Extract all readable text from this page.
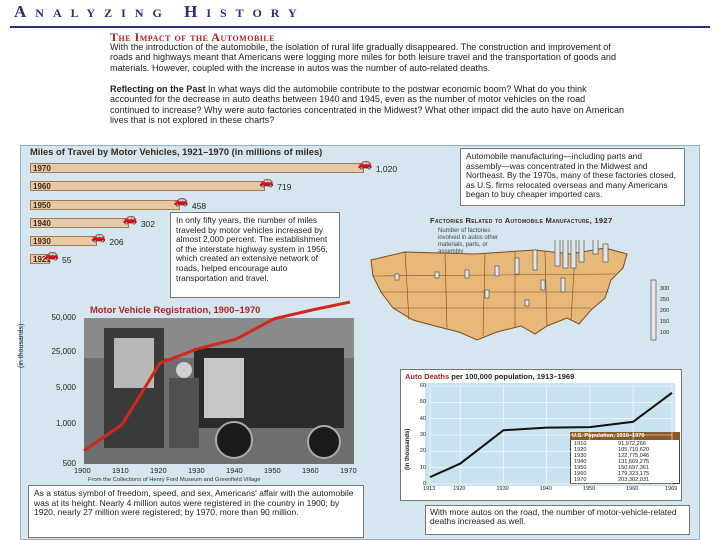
Analyzing History
The Impact of the Automobile
With the introduction of the automobile, the isolation of rural life gradually disappeared. The construction and improvement of roads and highways meant that Americans were logging more miles for both leisure travel and the transportation of goods and materials. However, coupled with the increase in autos was the number of auto-related deaths.
Reflecting on the Past In what ways did the automobile contribute to the postwar economic boom? What do you think accounted for the decrease in auto deaths between 1940 and 1945, even as the number of motor vehicles on the road continued to increase? Why were auto factories concentrated in the Midwest? What other impact did the auto have on American lives that is not explored in these charts?
Miles of Travel by Motor Vehicles, 1921–1970 (in millions of miles)	Automobile manufacturing—including parts and assembly—was concentrated in the Midwest and Northeast. By the 1970s, many of these factories closed, as U.S. firms relocated overseas and many Americans began to buy cheaper imported cars.
In only fifty years, the number of miles traveled by motor vehicles increased by almost 2,000 percent. The establishment of the interstate highway system in 1956, which created an extensive network of roads, helped encourage auto transportation and travel.
Factories Related to Automobile Manufacture, 1927
Number of factories involved in autos other materials, parts, or assembly
300
250
200
150
100
Motor Vehicle Registration, 1900–1970
(in thousands)
From the Collections of Henry Ford Museum and Greenfield Village
As a status symbol of freedom, speed, and sex, Americans' affair with the automobile was at its height. Nearly 4 million autos were registered in the country in 1900; by 1920, nearly 27 million were registered; by 1970, more than 90 million.
Auto Deaths per 100,000 population, 1913–1969
(in thousands)	U.S. Population, 1910–1970
With more autos on the road, the number of motor-vehicle-related deaths increased as well.
1921
🚗 55
1930	🚗 206
1940	🚗 302
1950	🚗 458
1960	🚗 719
1970	🚗 1,020
50,000
25,000
5,000
1,000
500
1900	1910	1920	1930	1940	1950	1960	1970
60
50
40
30
20
10
0
1913	1920	1930	1940	1950	1960	1969
1910	91,972,266
1920	105,710,620
1930	122,775,046
1940	131,669,275
1950	150,697,361
1960	179,323,175
1970	203,302,031
